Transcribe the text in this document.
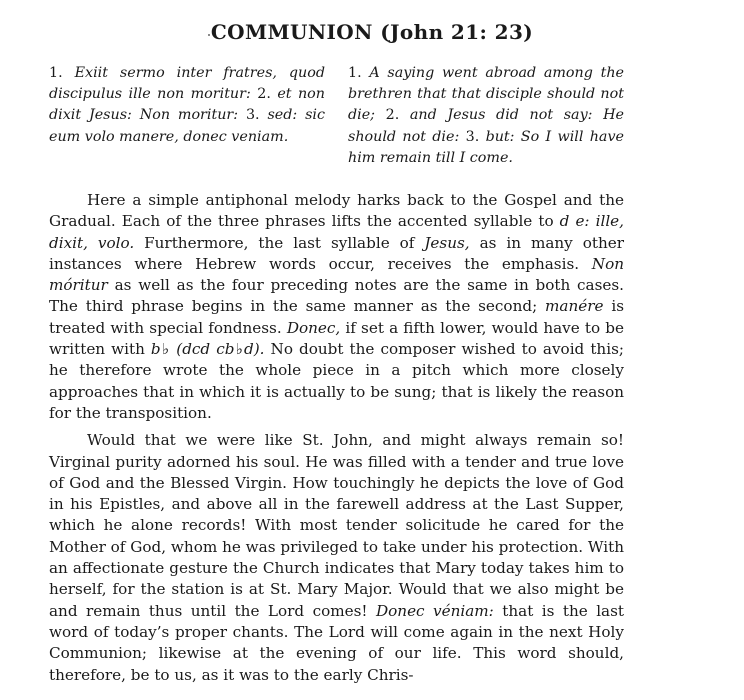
COMMUNION (John 21: 23)
1. Exiit sermo inter fratres, quod discipulus ille non moritur: 2. et non dixit Jesus: Non moritur: 3. sed: sic eum volo manere, donec veniam.
1. A saying went abroad among the brethren that that disciple should not die; 2. and Jesus did not say: He should not die: 3. but: So I will have him remain till I come.

Here a simple antiphonal melody harks back to the Gospel and the Gradual. Each of the three phrases lifts the accented syllable to d e: ille, dixit, volo. Furthermore, the last syllable of Jesus, as in many other instances where Hebrew words occur, receives the emphasis. Non móritur as well as the four preceding notes are the same in both cases. The third phrase begins in the same manner as the second; manére is treated with special fondness. Donec, if set a fifth lower, would have to be written with b♭ (dcd cb♭d). No doubt the composer wished to avoid this; he therefore wrote the whole piece in a pitch which more closely approaches that in which it is actually to be sung; that is likely the reason for the transposition.

Would that we were like St. John, and might always remain so! Virginal purity adorned his soul. He was filled with a tender and true love of God and the Blessed Virgin. How touchingly he depicts the love of God in his Epistles, and above all in the farewell address at the Last Supper, which he alone records! With most tender solicitude he cared for the Mother of God, whom he was privileged to take under his protection. With an affectionate gesture the Church indicates that Mary today takes him to herself, for the station is at St. Mary Major. Would that we also might be and remain thus until the Lord comes! Donec véniam: that is the last word of today’s proper chants. The Lord will come again in the next Holy Communion; likewise at the evening of our life. This word should, therefore, be to us, as it was to the early Chris-
